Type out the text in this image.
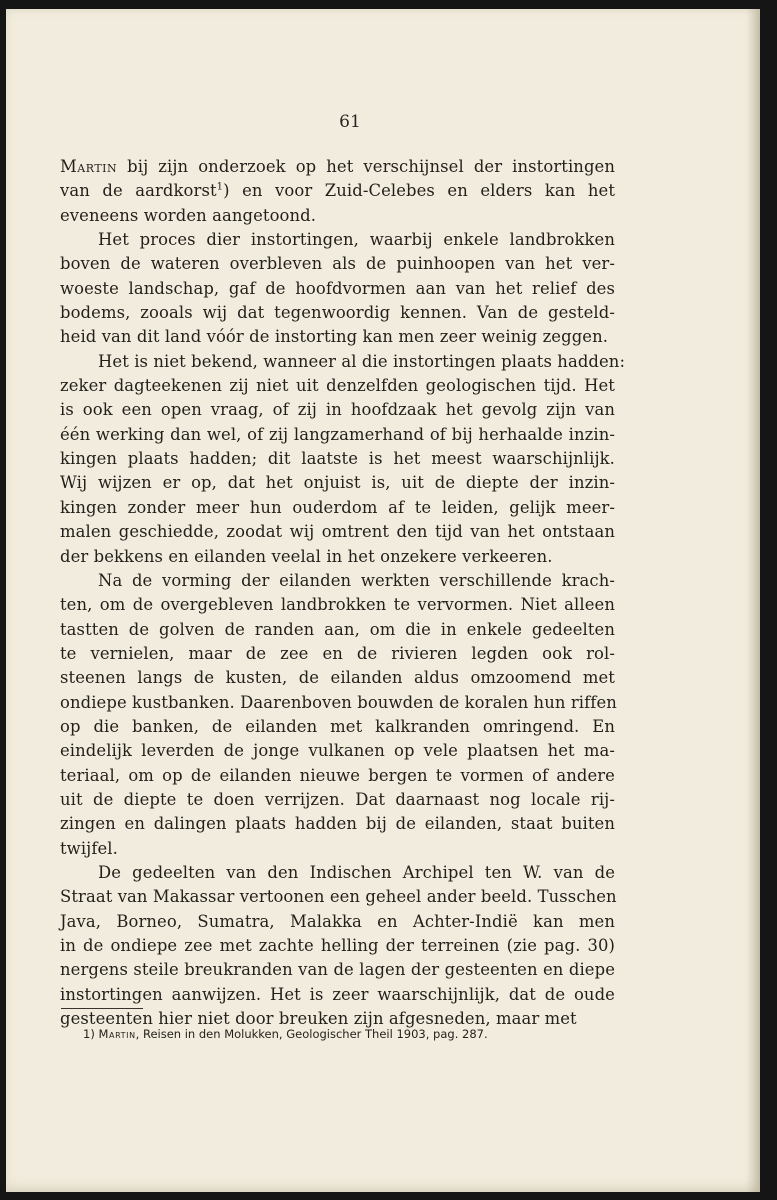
61
Martin bij zijn onderzoek op het verschijnsel der instortingen
van de aardkorst$^1$) en voor Zuid-Celebes en elders kan het
eveneens worden aangetoond.
Het proces dier instortingen, waarbij enkele landbrokken
boven de wateren overbleven als de puinhoopen van het ver-
woeste landschap, gaf de hoofdvormen aan van het relief des
bodems, zooals wij dat tegenwoordig kennen. Van de gesteld-
heid van dit land vóór de instorting kan men zeer weinig zeggen.
Het is niet bekend, wanneer al die instortingen plaats hadden:
zeker dagteekenen zij niet uit denzelfden geologischen tijd. Het
is ook een open vraag, of zij in hoofdzaak het gevolg zijn van
één werking dan wel, of zij langzamerhand of bij herhaalde inzin-
kingen plaats hadden; dit laatste is het meest waarschijnlijk.
Wij wijzen er op, dat het onjuist is, uit de diepte der inzin-
kingen zonder meer hun ouderdom af te leiden, gelijk meer-
malen geschiedde, zoodat wij omtrent den tijd van het ontstaan
der bekkens en eilanden veelal in het onzekere verkeeren.
Na de vorming der eilanden werkten verschillende krach-
ten, om de overgebleven landbrokken te vervormen. Niet alleen
tastten de golven de randen aan, om die in enkele gedeelten
te vernielen, maar de zee en de rivieren legden ook rol-
steenen langs de kusten, de eilanden aldus omzoomend met
ondiepe kustbanken. Daarenboven bouwden de koralen hun riffen
op die banken, de eilanden met kalkranden omringend. En
eindelijk leverden de jonge vulkanen op vele plaatsen het ma-
teriaal, om op de eilanden nieuwe bergen te vormen of andere
uit de diepte te doen verrijzen. Dat daarnaast nog locale rij-
zingen en dalingen plaats hadden bij de eilanden, staat buiten
twijfel.
De gedeelten van den Indischen Archipel ten W. van de
Straat van Makassar vertoonen een geheel ander beeld. Tusschen
Java, Borneo, Sumatra, Malakka en Achter-Indië kan men
in de ondiepe zee met zachte helling der terreinen (zie pag. 30)
nergens steile breukranden van de lagen der gesteenten en diepe
instortingen aanwijzen. Het is zeer waarschijnlijk, dat de oude
gesteenten hier niet door breuken zijn afgesneden, maar met
1) Martin, Reisen in den Molukken, Geologischer Theil 1903, pag. 287.
